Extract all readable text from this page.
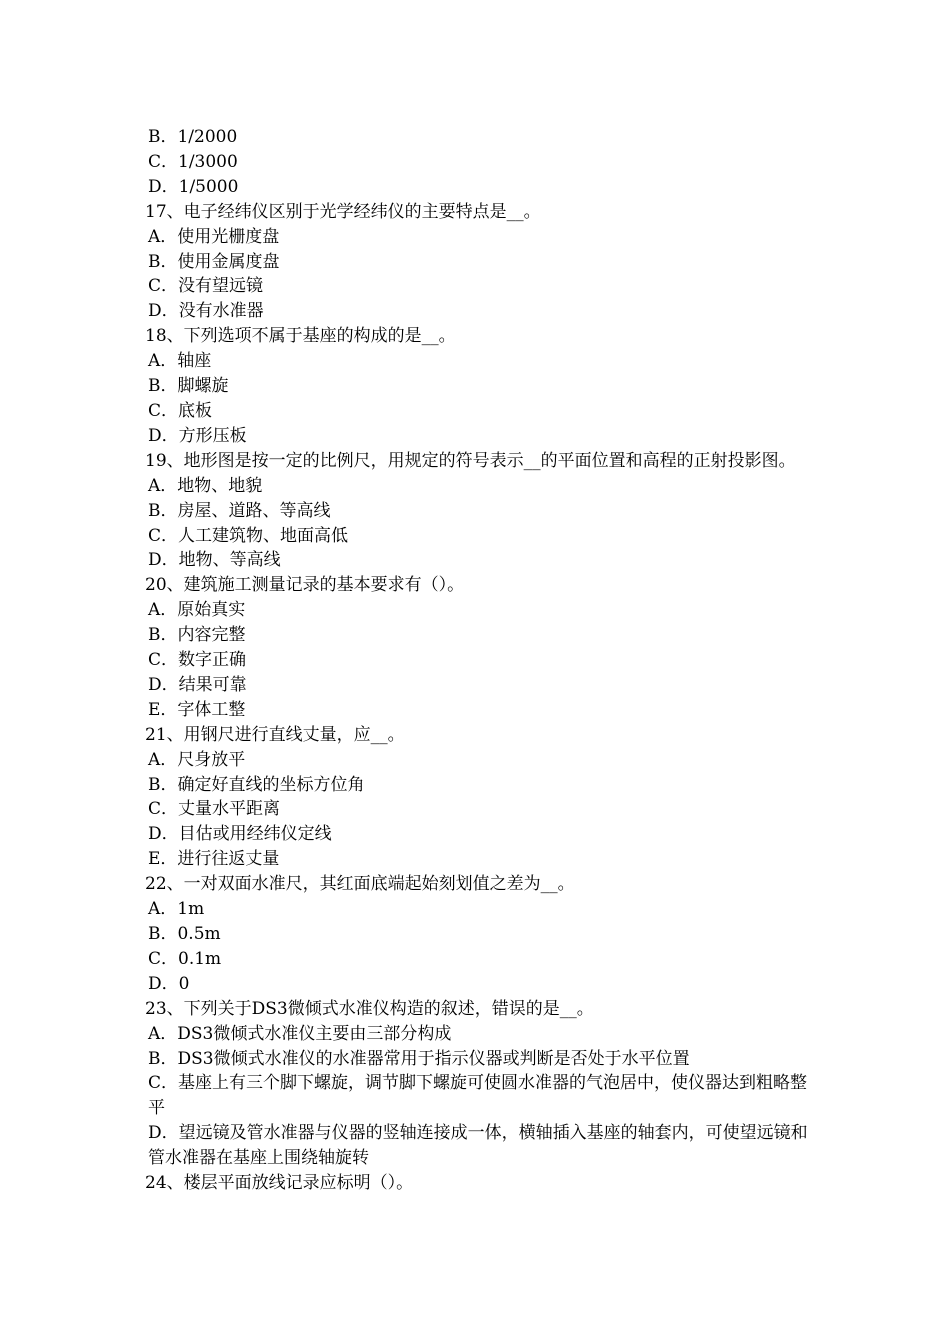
B．1/2000

C．1/3000

D．1/5000

17、电子经纬仪区别于光学经纬仪的主要特点是__。

A．使用光栅度盘

B．使用金属度盘

C．没有望远镜

D．没有水准器

18、下列选项不属于基座的构成的是__。

A．轴座

B．脚螺旋

C．底板

D．方形压板

19、地形图是按一定的比例尺，用规定的符号表示__的平面位置和高程的正射投影图。

A．地物、地貌

B．房屋、道路、等高线

C．人工建筑物、地面高低

D．地物、等高线

20、建筑施工测量记录的基本要求有（）。

A．原始真实

B．内容完整

C．数字正确

D．结果可靠

E．字体工整

21、用钢尺进行直线丈量，应__。

A．尺身放平

B．确定好直线的坐标方位角

C．丈量水平距离

D．目估或用经纬仪定线

E．进行往返丈量

22、一对双面水准尺，其红面底端起始刻划值之差为__。

A．1m

B．0.5m

C．0.1m

D．0

23、下列关于DS3微倾式水准仪构造的叙述，错误的是__。

A．DS3微倾式水准仪主要由三部分构成

B．DS3微倾式水准仪的水准器常用于指示仪器或判断是否处于水平位置

C．基座上有三个脚下螺旋，调节脚下螺旋可使圆水准器的气泡居中，使仪器达到粗略整平

D．望远镜及管水准器与仪器的竖轴连接成一体，横轴插入基座的轴套内，可使望远镜和管水准器在基座上围绕轴旋转

24、楼层平面放线记录应标明（）。
